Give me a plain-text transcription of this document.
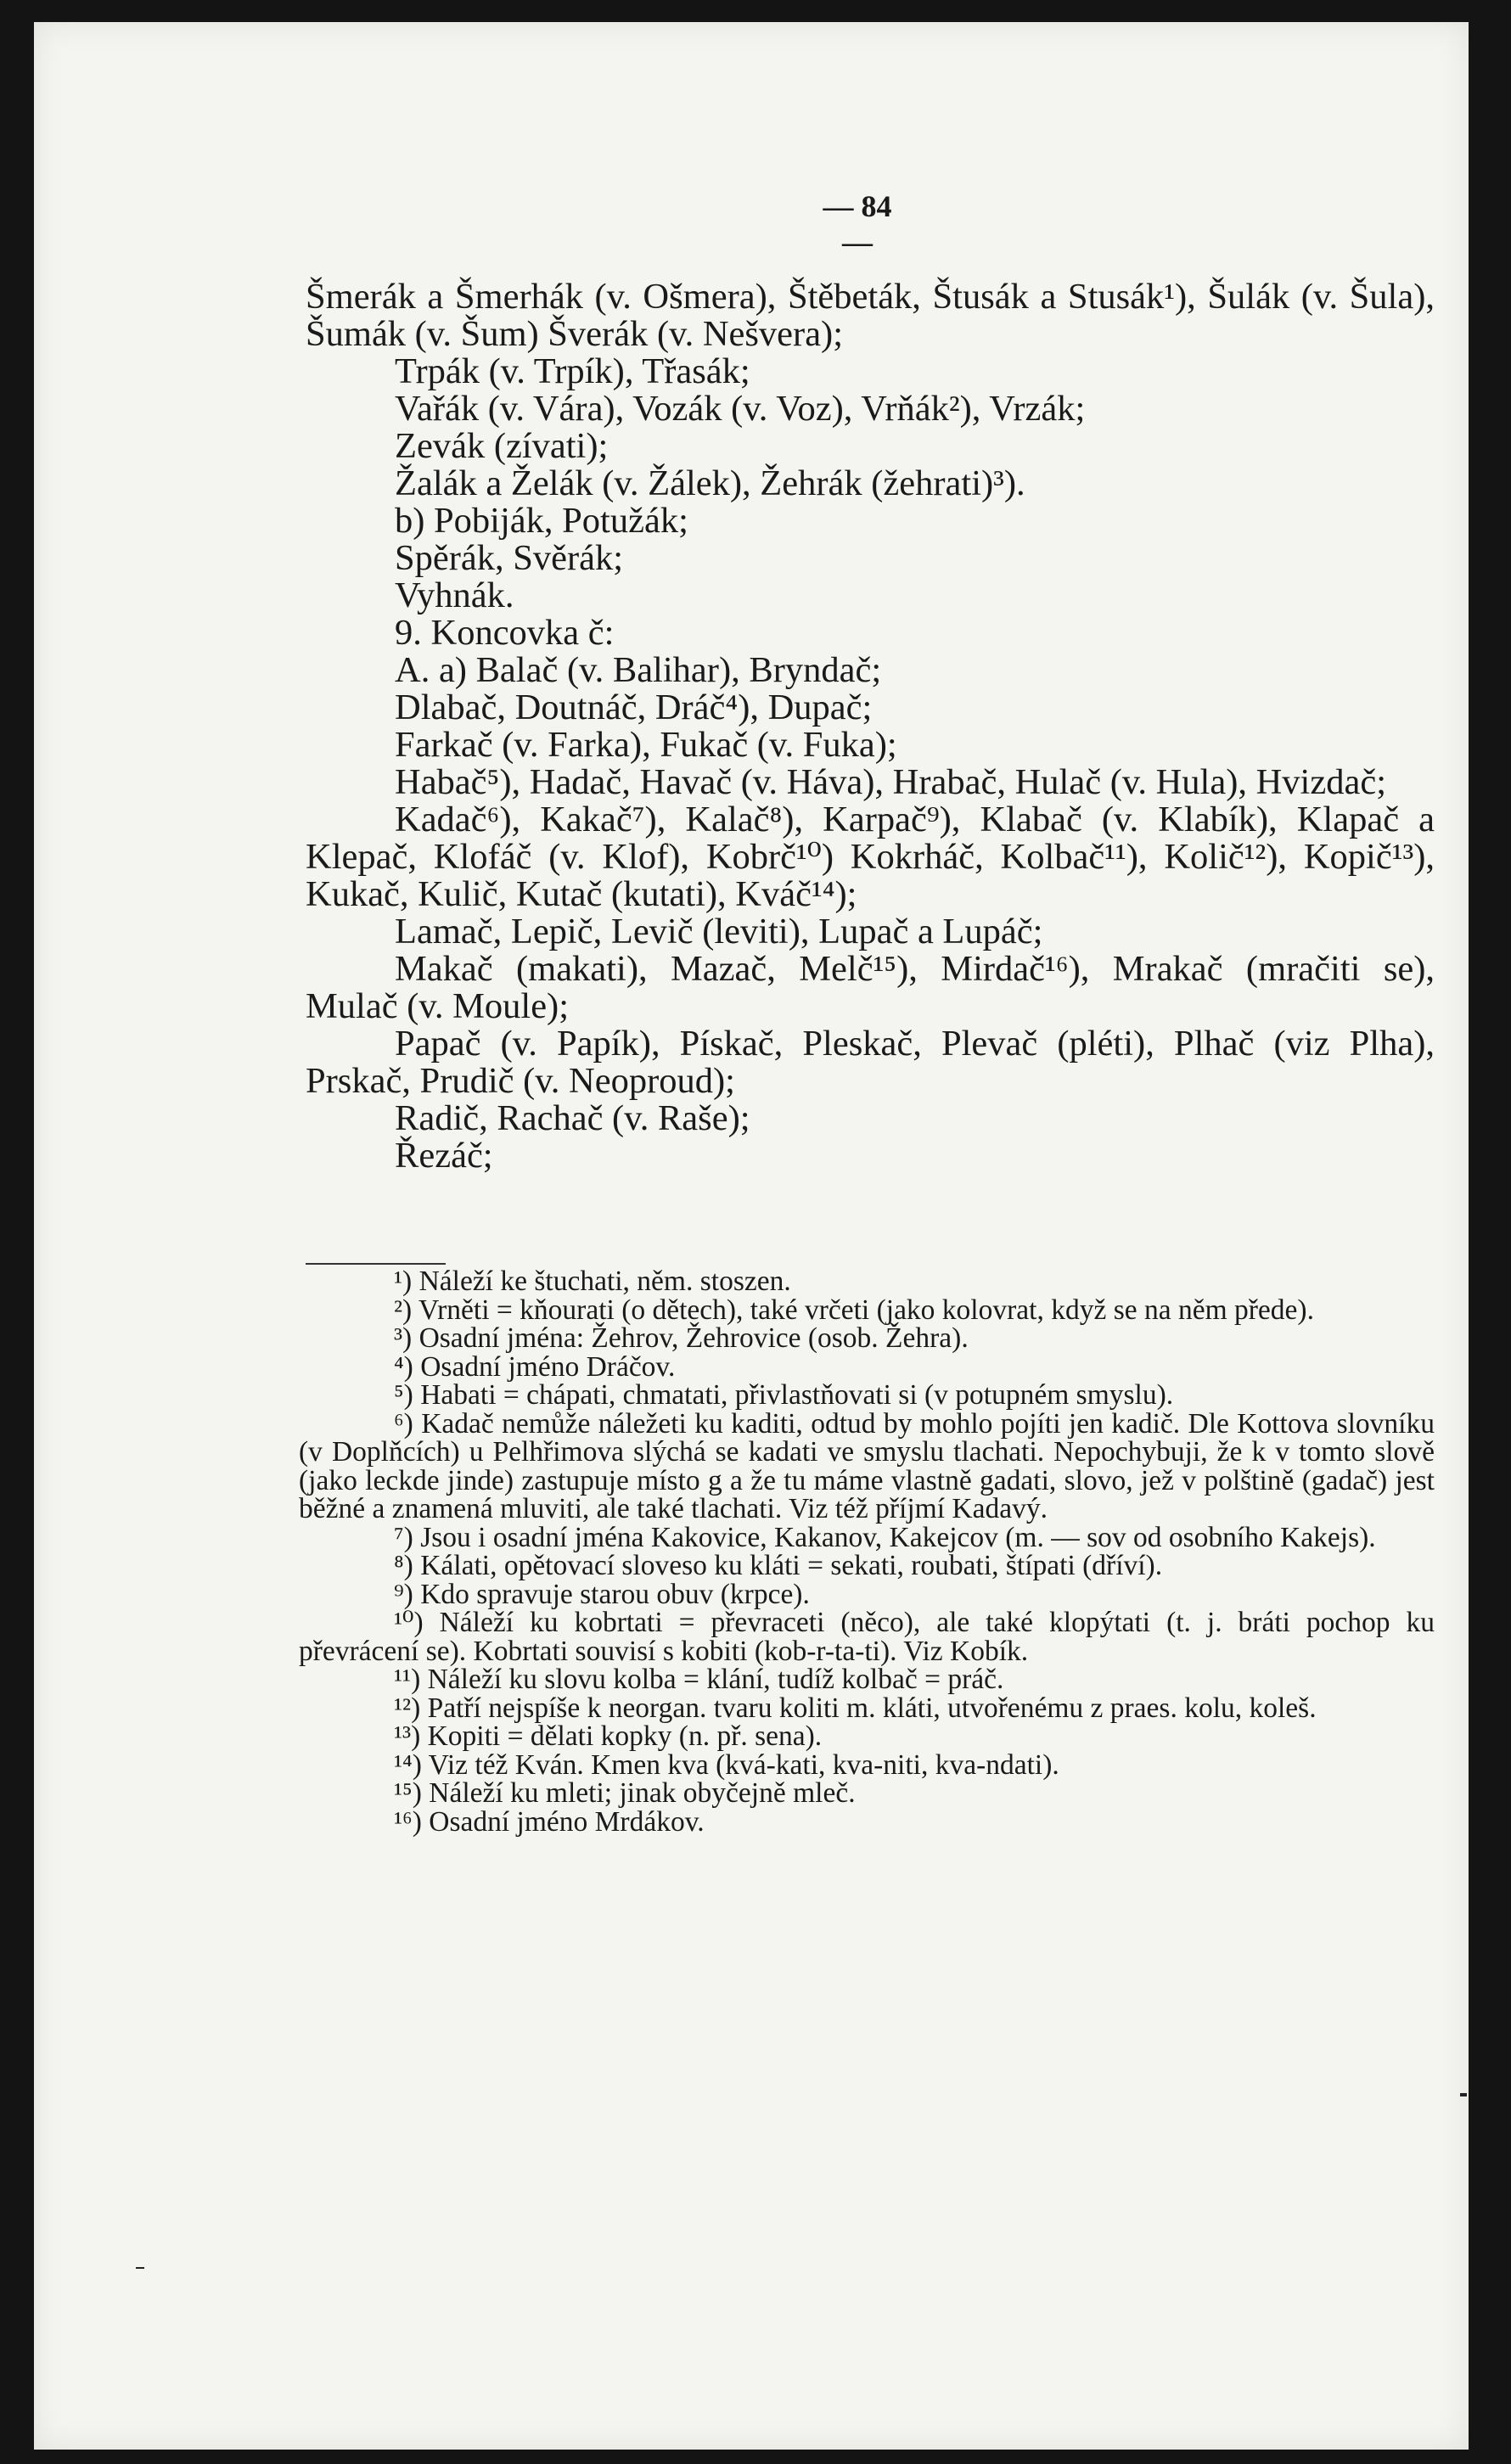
— 84 —

Šmerák a Šmerhák (v. Ošmera), Štěbeták, Štusák a Stusák¹), Šulák (v. Šula), Šumák (v. Šum) Šverák (v. Nešvera);

Trpák (v. Trpík), Třasák;

Vařák (v. Vára), Vozák (v. Voz), Vrňák²), Vrzák;

Zevák (zívati);

Žalák a Želák (v. Žálek), Žehrák (žehrati)³).

b) Pobiják, Potužák;

Spěrák, Svěrák;

Vyhnák.

9. Koncovka č:

A. a) Balač (v. Balihar), Bryndač;

Dlabač, Doutnáč, Dráč⁴), Dupač;

Farkač (v. Farka), Fukač (v. Fuka);

Habač⁵), Hadač, Havač (v. Háva), Hrabač, Hulač (v. Hula), Hvizdač;

Kadač⁶), Kakač⁷), Kalač⁸), Karpač⁹), Klabač (v. Klabík), Klapač a Klepač, Klofáč (v. Klof), Kobrč¹⁰) Kokrháč, Kolbač¹¹), Količ¹²), Kopič¹³), Kukač, Kulič, Kutač (kutati), Kváč¹⁴);

Lamač, Lepič, Levič (leviti), Lupač a Lupáč;

Makač (makati), Mazač, Melč¹⁵), Mirdač¹⁶), Mrakač (mračiti se), Mulač (v. Moule);

Papač (v. Papík), Pískač, Pleskač, Plevač (pléti), Plhač (viz Plha), Prskač, Prudič (v. Neoproud);

Radič, Rachač (v. Raše);

Řezáč;

¹) Náleží ke štuchati, něm. stoszen.

²) Vrněti = kňourati (o dětech), také vrčeti (jako kolovrat, když se na něm přede).

³) Osadní jména: Žehrov, Žehrovice (osob. Žehra).

⁴) Osadní jméno Dráčov.

⁵) Habati = chápati, chmatati, přivlastňovati si (v potupném smyslu).

⁶) Kadač nemůže náležeti ku kaditi, odtud by mohlo pojíti jen kadič. Dle Kottova slovníku (v Doplňcích) u Pelhřimova slýchá se kadati ve smyslu tlachati. Nepochybuji, že k v tomto slově (jako leckde jinde) zastupuje místo g a že tu máme vlastně gadati, slovo, jež v polštině (gadač) jest běžné a znamená mluviti, ale také tlachati. Viz též příjmí Kadavý.

⁷) Jsou i osadní jména Kakovice, Kakanov, Kakejcov (m. — sov od osobního Kakejs).

⁸) Kálati, opětovací sloveso ku kláti = sekati, roubati, štípati (dříví).

⁹) Kdo spravuje starou obuv (krpce).

¹⁰) Náleží ku kobrtati = převraceti (něco), ale také klopýtati (t. j. bráti pochop ku převrácení se). Kobrtati souvisí s kobiti (kob-r-ta-ti). Viz Kobík.

¹¹) Náleží ku slovu kolba = klání, tudíž kolbač = práč.

¹²) Patří nejspíše k neorgan. tvaru koliti m. kláti, utvořenému z praes. kolu, koleš.

¹³) Kopiti = dělati kopky (n. př. sena).

¹⁴) Viz též Kván. Kmen kva (kvá-kati, kva-niti, kva-ndati).

¹⁵) Náleží ku mleti; jinak obyčejně mleč.

¹⁶) Osadní jméno Mrdákov.
